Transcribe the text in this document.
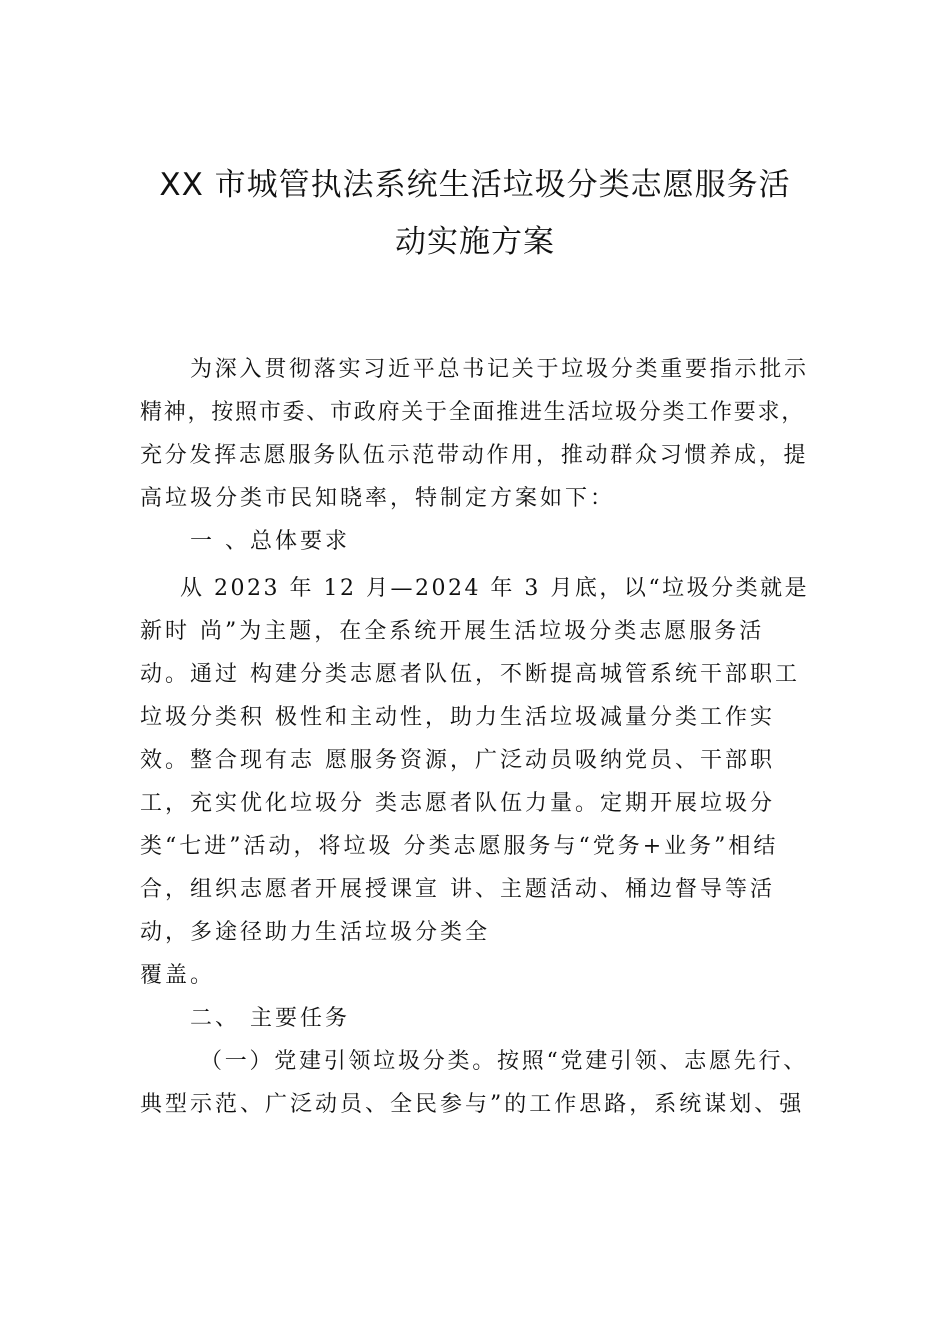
XX 市城管执法系统生活垃圾分类志愿服务活
动实施方案
为深入贯彻落实习近平总书记关于垃圾分类重要指示批示
精神，按照市委、市政府关于全面推进生活垃圾分类工作要求，
充分发挥志愿服务队伍示范带动作用，推动群众习惯养成，提
高垃圾分类市民知晓率，特制定方案如下：
一 、总体要求
从 2023 年 12 月—2024 年 3 月底，以“垃圾分类就是
新时 尚”为主题，在全系统开展生活垃圾分类志愿服务活
动。通过 构建分类志愿者队伍，不断提高城管系统干部职工
垃圾分类积 极性和主动性，助力生活垃圾减量分类工作实
效。整合现有志 愿服务资源，广泛动员吸纳党员、干部职
工，充实优化垃圾分 类志愿者队伍力量。定期开展垃圾分
类“七进”活动，将垃圾 分类志愿服务与“党务+业务”相结
合，组织志愿者开展授课宣 讲、主题活动、桶边督导等活
动，多途径助力生活垃圾分类全
覆盖。
二、 主要任务
（一）党建引领垃圾分类。按照“党建引领、志愿先行、
典型示范、广泛动员、全民参与”的工作思路，系统谋划、强
